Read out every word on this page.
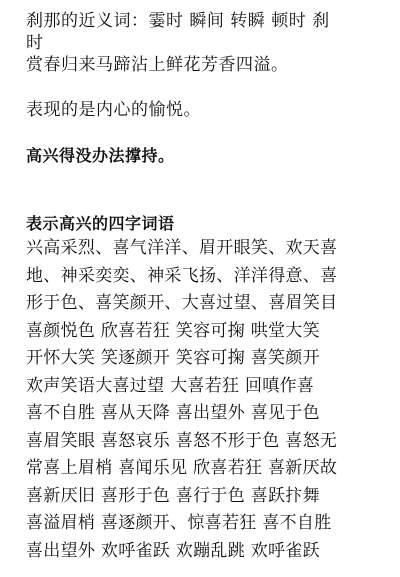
刹那的近义词：霎时 瞬间 转瞬 顿时 刹
时
赏春归来马蹄沾上鲜花芳香四溢。
表现的是内心的愉悦。
高兴得没办法撑持。
表示高兴的四字词语
兴高采烈、喜气洋洋、眉开眼笑、欢天喜
地、神采奕奕、神采飞扬、洋洋得意、喜
形于色、喜笑颜开、大喜过望、喜眉笑目
喜颜悦色 欣喜若狂 笑容可掬 哄堂大笑
开怀大笑 笑逐颜开 笑容可掬 喜笑颜开
欢声笑语大喜过望 大喜若狂 回嗔作喜
喜不自胜 喜从天降 喜出望外 喜见于色
喜眉笑眼 喜怒哀乐 喜怒不形于色 喜怒无
常喜上眉梢 喜闻乐见 欣喜若狂 喜新厌故
喜新厌旧 喜形于色 喜行于色 喜跃抃舞
喜溢眉梢 喜逐颜开、惊喜若狂 喜不自胜
喜出望外 欢呼雀跃 欢蹦乱跳 欢呼雀跃
